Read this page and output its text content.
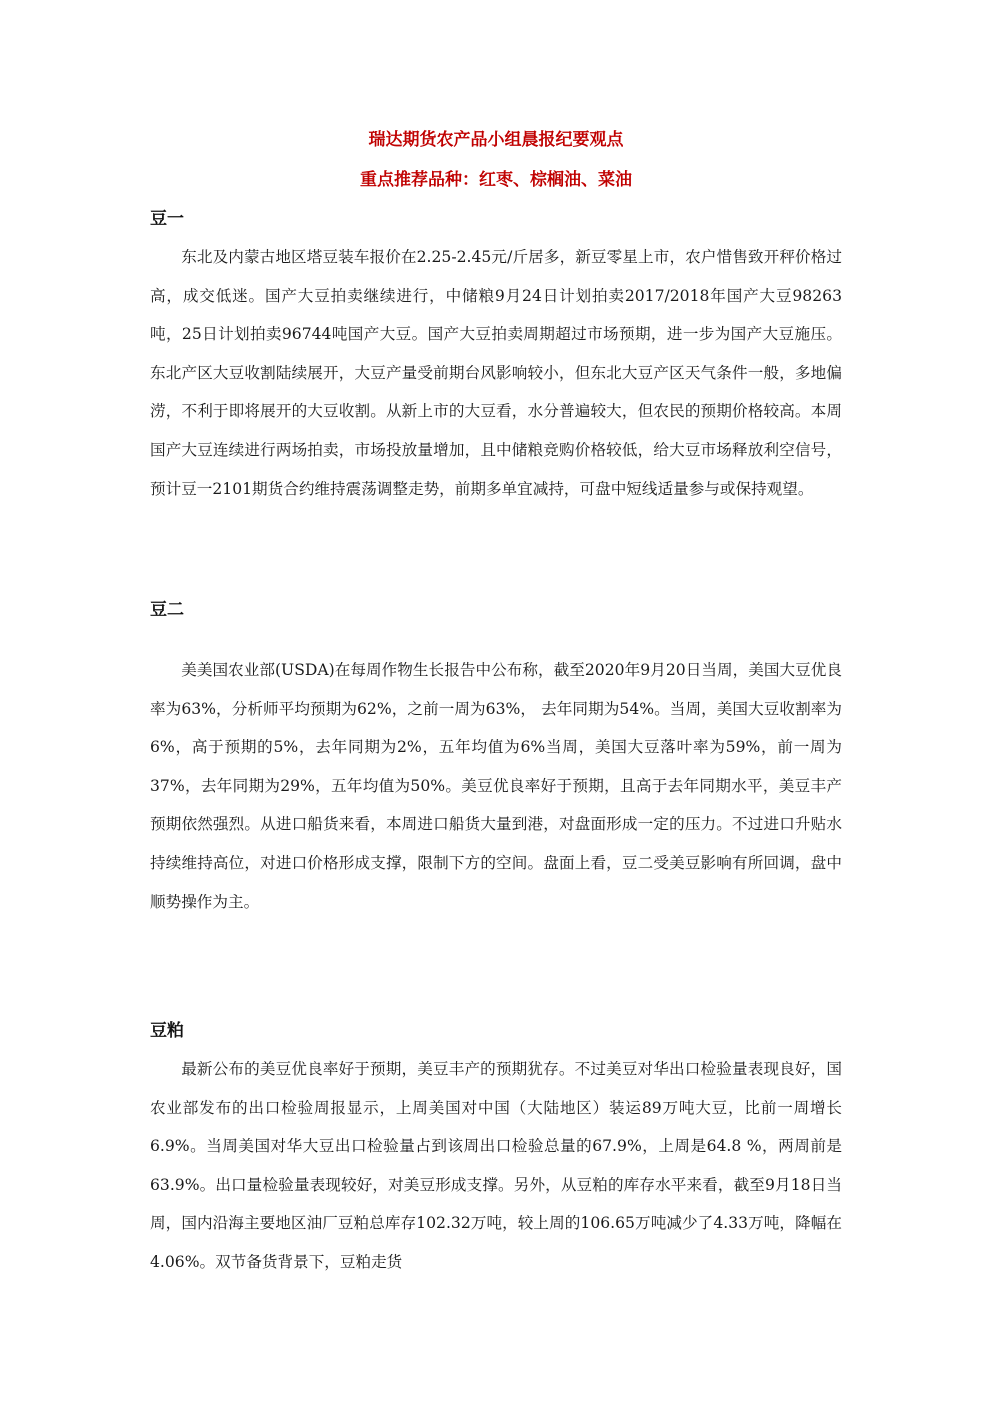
瑞达期货农产品小组晨报纪要观点
重点推荐品种：红枣、棕榈油、菜油
豆一

东北及内蒙古地区塔豆装车报价在2.25-2.45元/斤居多，新豆零星上市，农户惜售致开秤价格过高，成交低迷。国产大豆拍卖继续进行，中储粮9月24日计划拍卖2017/2018年国产大豆98263吨，25日计划拍卖96744吨国产大豆。国产大豆拍卖周期超过市场预期，进一步为国产大豆施压。东北产区大豆收割陆续展开，大豆产量受前期台风影响较小，但东北大豆产区天气条件一般，多地偏涝，不利于即将展开的大豆收割。从新上市的大豆看，水分普遍较大，但农民的预期价格较高。本周国产大豆连续进行两场拍卖，市场投放量增加，且中储粮竞购价格较低，给大豆市场释放利空信号，预计豆一2101期货合约维持震荡调整走势，前期多单宜减持，可盘中短线适量参与或保持观望。

豆二

美美国农业部(USDA)在每周作物生长报告中公布称，截至2020年9月20日当周，美国大豆优良率为63%，分析师平均预期为62%，之前一周为63%， 去年同期为54%。当周，美国大豆收割率为6%，高于预期的5%，去年同期为2%，五年均值为6%当周，美国大豆落叶率为59%，前一周为37%，去年同期为29%，五年均值为50%。美豆优良率好于预期，且高于去年同期水平，美豆丰产预期依然强烈。从进口船货来看，本周进口船货大量到港，对盘面形成一定的压力。不过进口升贴水持续维持高位，对进口价格形成支撑，限制下方的空间。盘面上看，豆二受美豆影响有所回调，盘中顺势操作为主。

豆粕

最新公布的美豆优良率好于预期，美豆丰产的预期犹存。不过美豆对华出口检验量表现良好，国农业部发布的出口检验周报显示，上周美国对中国（大陆地区）装运89万吨大豆，比前一周增长6.9%。当周美国对华大豆出口检验量占到该周出口检验总量的67.9%，上周是64.8 %，两周前是63.9%。出口量检验量表现较好，对美豆形成支撑。另外，从豆粕的库存水平来看，截至9月18日当周，国内沿海主要地区油厂豆粕总库存102.32万吨，较上周的106.65万吨减少了4.33万吨，降幅在4.06%。双节备货背景下，豆粕走货
